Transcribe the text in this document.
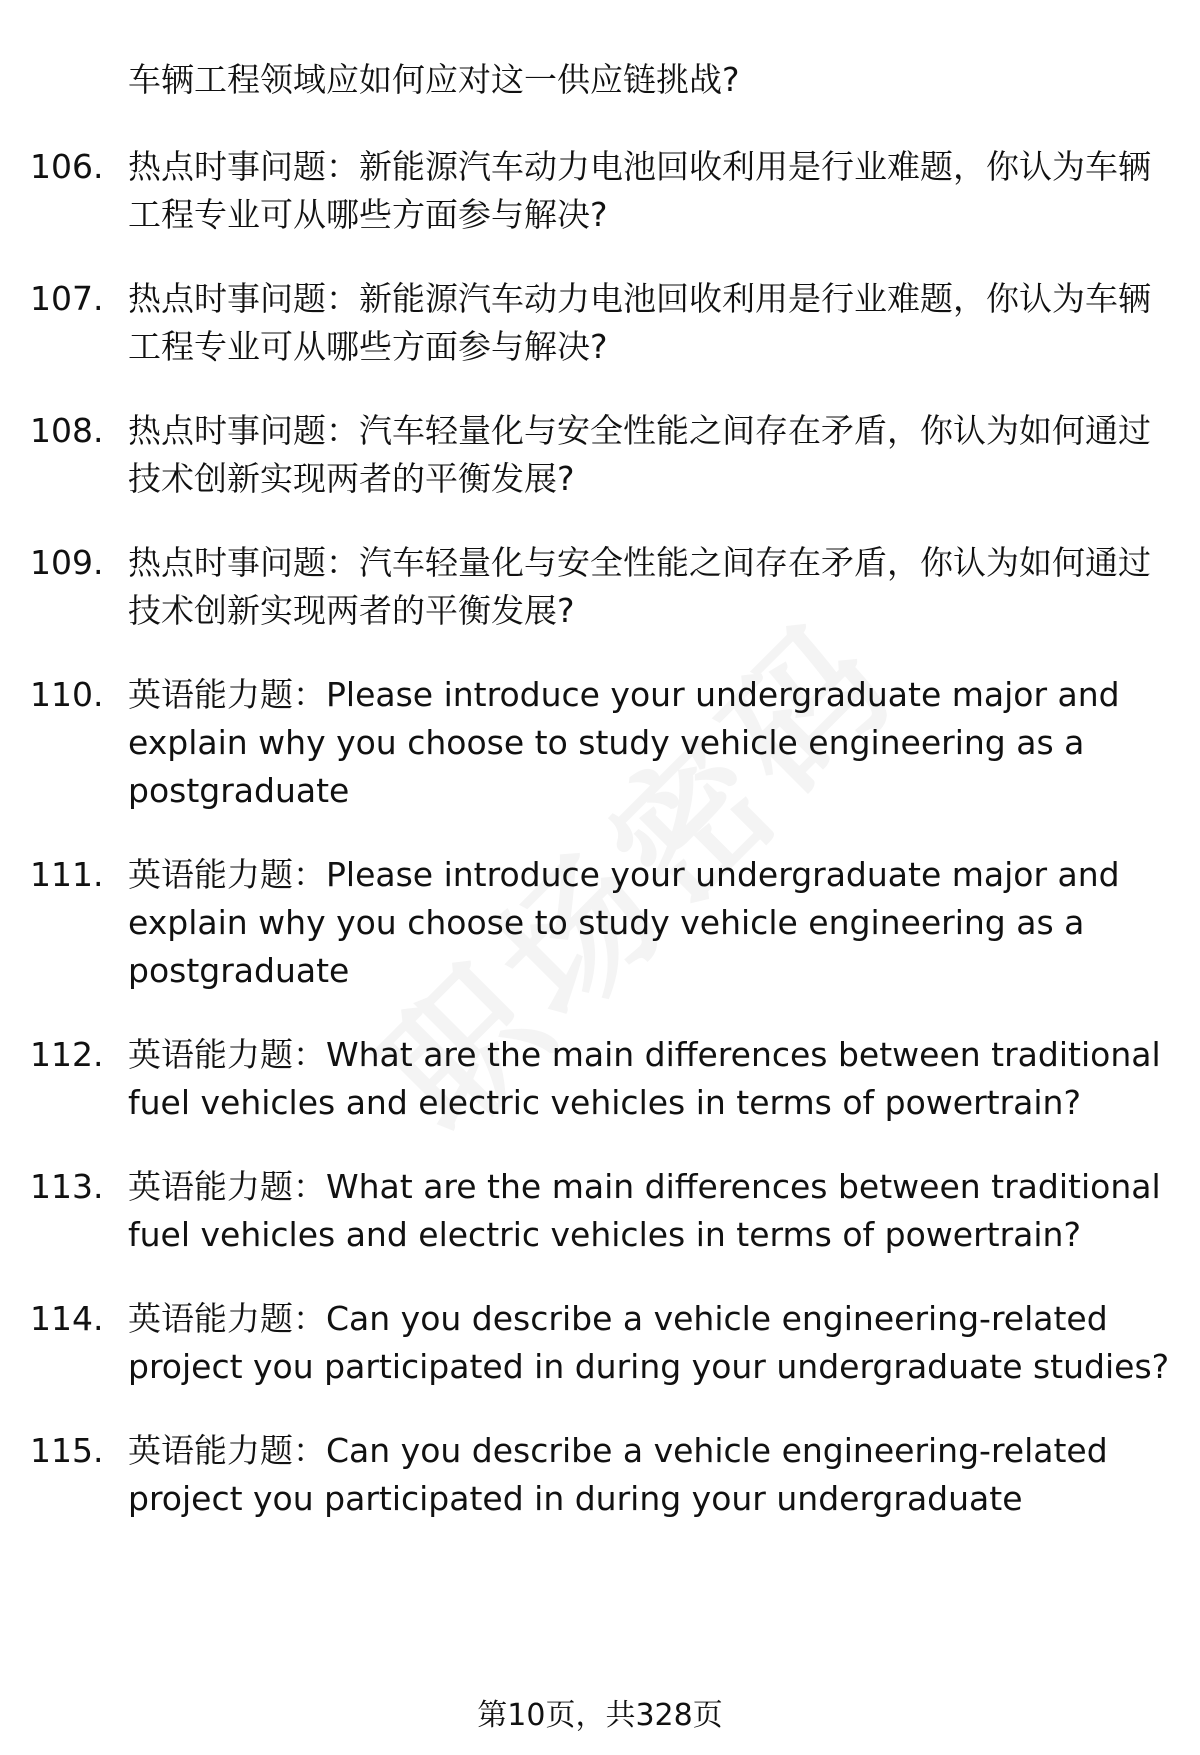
车辆工程领域应如何应对这一供应链挑战?
106. 热点时事问题：新能源汽车动力电池回收利用是行业难题，你认为车辆工程专业可从哪些方面参与解决?
107. 热点时事问题：新能源汽车动力电池回收利用是行业难题，你认为车辆工程专业可从哪些方面参与解决?
108. 热点时事问题：汽车轻量化与安全性能之间存在矛盾，你认为如何通过技术创新实现两者的平衡发展?
109. 热点时事问题：汽车轻量化与安全性能之间存在矛盾，你认为如何通过技术创新实现两者的平衡发展?
110. 英语能力题：Please introduce your undergraduate major and explain why you choose to study vehicle engineering as a postgraduate
111. 英语能力题：Please introduce your undergraduate major and explain why you choose to study vehicle engineering as a postgraduate
112. 英语能力题：What are the main differences between traditional fuel vehicles and electric vehicles in terms of powertrain?
113. 英语能力题：What are the main differences between traditional fuel vehicles and electric vehicles in terms of powertrain?
114. 英语能力题：Can you describe a vehicle engineering-related project you participated in during your undergraduate studies?
115. 英语能力题：Can you describe a vehicle engineering-related project you participated in during your undergraduate
第10页，共328页
